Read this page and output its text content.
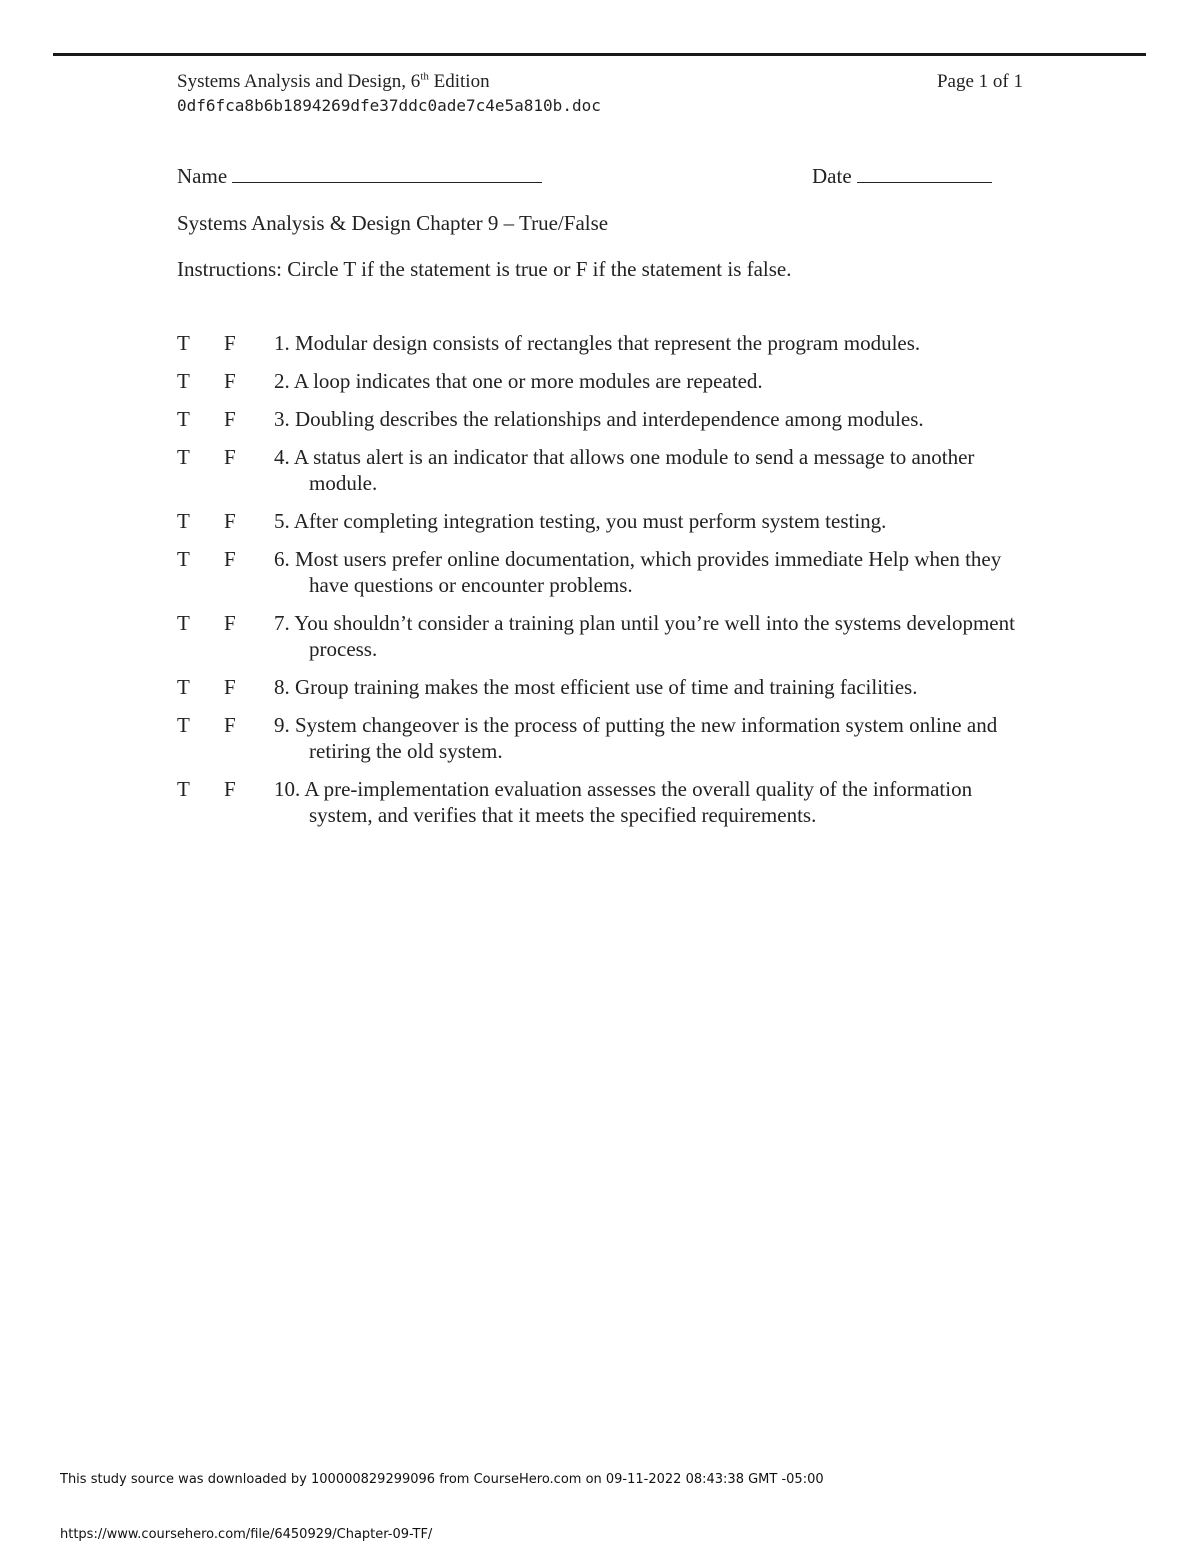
Systems Analysis and Design, 6th Edition
0df6fca8b6b1894269dfe37ddc0ade7c4e5a810b.doc
Page 1 of 1
Name	Date
Systems Analysis & Design Chapter 9 – True/False
Instructions: Circle T if the statement is true or F if the statement is false.
T F 1. Modular design consists of rectangles that represent the program modules.
T F 2. A loop indicates that one or more modules are repeated.
T F 3. Doubling describes the relationships and interdependence among modules.
T F 4. A status alert is an indicator that allows one module to send a message to another module.
T F 5. After completing integration testing, you must perform system testing.
T F 6. Most users prefer online documentation, which provides immediate Help when they have questions or encounter problems.
T F 7. You shouldn’t consider a training plan until you’re well into the systems development process.
T F 8. Group training makes the most efficient use of time and training facilities.
T F 9. System changeover is the process of putting the new information system online and retiring the old system.
T F 10. A pre-implementation evaluation assesses the overall quality of the information system, and verifies that it meets the specified requirements.
This study source was downloaded by 100000829299096 from CourseHero.com on 09-11-2022 08:43:38 GMT -05:00
https://www.coursehero.com/file/6450929/Chapter-09-TF/
